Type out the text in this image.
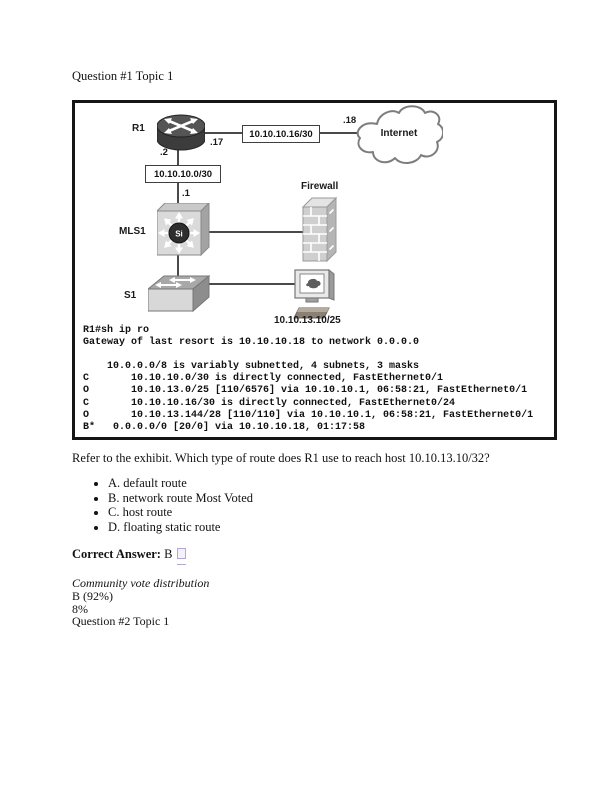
Question #1 Topic 1
Internet
R1
.17
.2
10.10.10.16/30
.18
10.10.10.0/30
.1
Si
MLS1
Firewall
S1
10.10.13.10/25
R1#sh ip ro
Gateway of last resort is 10.10.10.18 to network 0.0.0.0
10.0.0.0/8 is variably subnetted, 4 subnets, 3 masks
C       10.10.10.0/30 is directly connected, FastEthernet0/1
O       10.10.13.0/25 [110/6576] via 10.10.10.1, 06:58:21, FastEthernet0/1
C       10.10.10.16/30 is directly connected, FastEthernet0/24
O       10.10.13.144/28 [110/110] via 10.10.10.1, 06:58:21, FastEthernet0/1
B*   0.0.0.0/0 [20/0] via 10.10.10.18, 01:17:58
Refer to the exhibit. Which type of route does R1 use to reach host 10.10.13.10/32?
• A. default route
• B. network route Most Voted
• C. host route
• D. floating static route
Correct Answer: B
Community vote distribution
B (92%)
8%
Question #2 Topic 1
